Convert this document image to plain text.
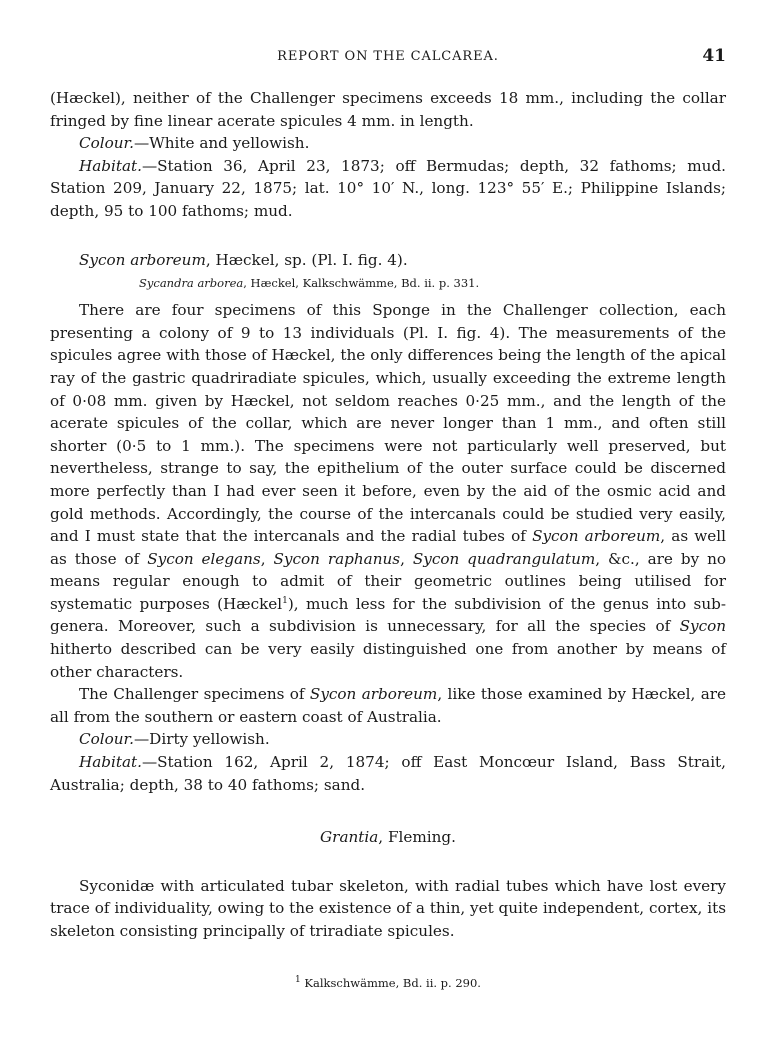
REPORT ON THE CALCAREA.	41

(Hæckel), neither of the Challenger specimens exceeds 18 mm., including the collar fringed by fine linear acerate spicules 4 mm. in length.

Colour.—White and yellowish.

Habitat.—Station 36, April 23, 1873; off Bermudas; depth, 32 fathoms; mud. Station 209, January 22, 1875; lat. 10° 10′ N., long. 123° 55′ E.; Philippine Islands; depth, 95 to 100 fathoms; mud.

Sycon arboreum, Hæckel, sp. (Pl. I. fig. 4).

Sycandra arborea, Hæckel, Kalkschwämme, Bd. ii. p. 331.

There are four specimens of this Sponge in the Challenger collection, each presenting a colony of 9 to 13 individuals (Pl. I. fig. 4). The measurements of the spicules agree with those of Hæckel, the only differences being the length of the apical ray of the gastric quadriradiate spicules, which, usually exceeding the extreme length of 0·08 mm. given by Hæckel, not seldom reaches 0·25 mm., and the length of the acerate spicules of the collar, which are never longer than 1 mm., and often still shorter (0·5 to 1 mm.). The specimens were not particularly well preserved, but nevertheless, strange to say, the epithelium of the outer surface could be discerned more perfectly than I had ever seen it before, even by the aid of the osmic acid and gold methods. Accordingly, the course of the intercanals could be studied very easily, and I must state that the intercanals and the radial tubes of Sycon arboreum, as well as those of Sycon elegans, Sycon raphanus, Sycon quadrangulatum, &c., are by no means regular enough to admit of their geometric outlines being utilised for systematic purposes (Hæckel$^1$), much less for the subdivision of the genus into sub-genera. Moreover, such a subdivision is unnecessary, for all the species of Sycon hitherto described can be very easily distinguished one from another by means of other characters.

The Challenger specimens of Sycon arboreum, like those examined by Hæckel, are all from the southern or eastern coast of Australia.

Colour.—Dirty yellowish.

Habitat.—Station 162, April 2, 1874; off East Moncœur Island, Bass Strait, Australia; depth, 38 to 40 fathoms; sand.

Grantia, Fleming.

Syconidæ with articulated tubar skeleton, with radial tubes which have lost every trace of individuality, owing to the existence of a thin, yet quite independent, cortex, its skeleton consisting principally of triradiate spicules.

$^1$ Kalkschwämme, Bd. ii. p. 290.
